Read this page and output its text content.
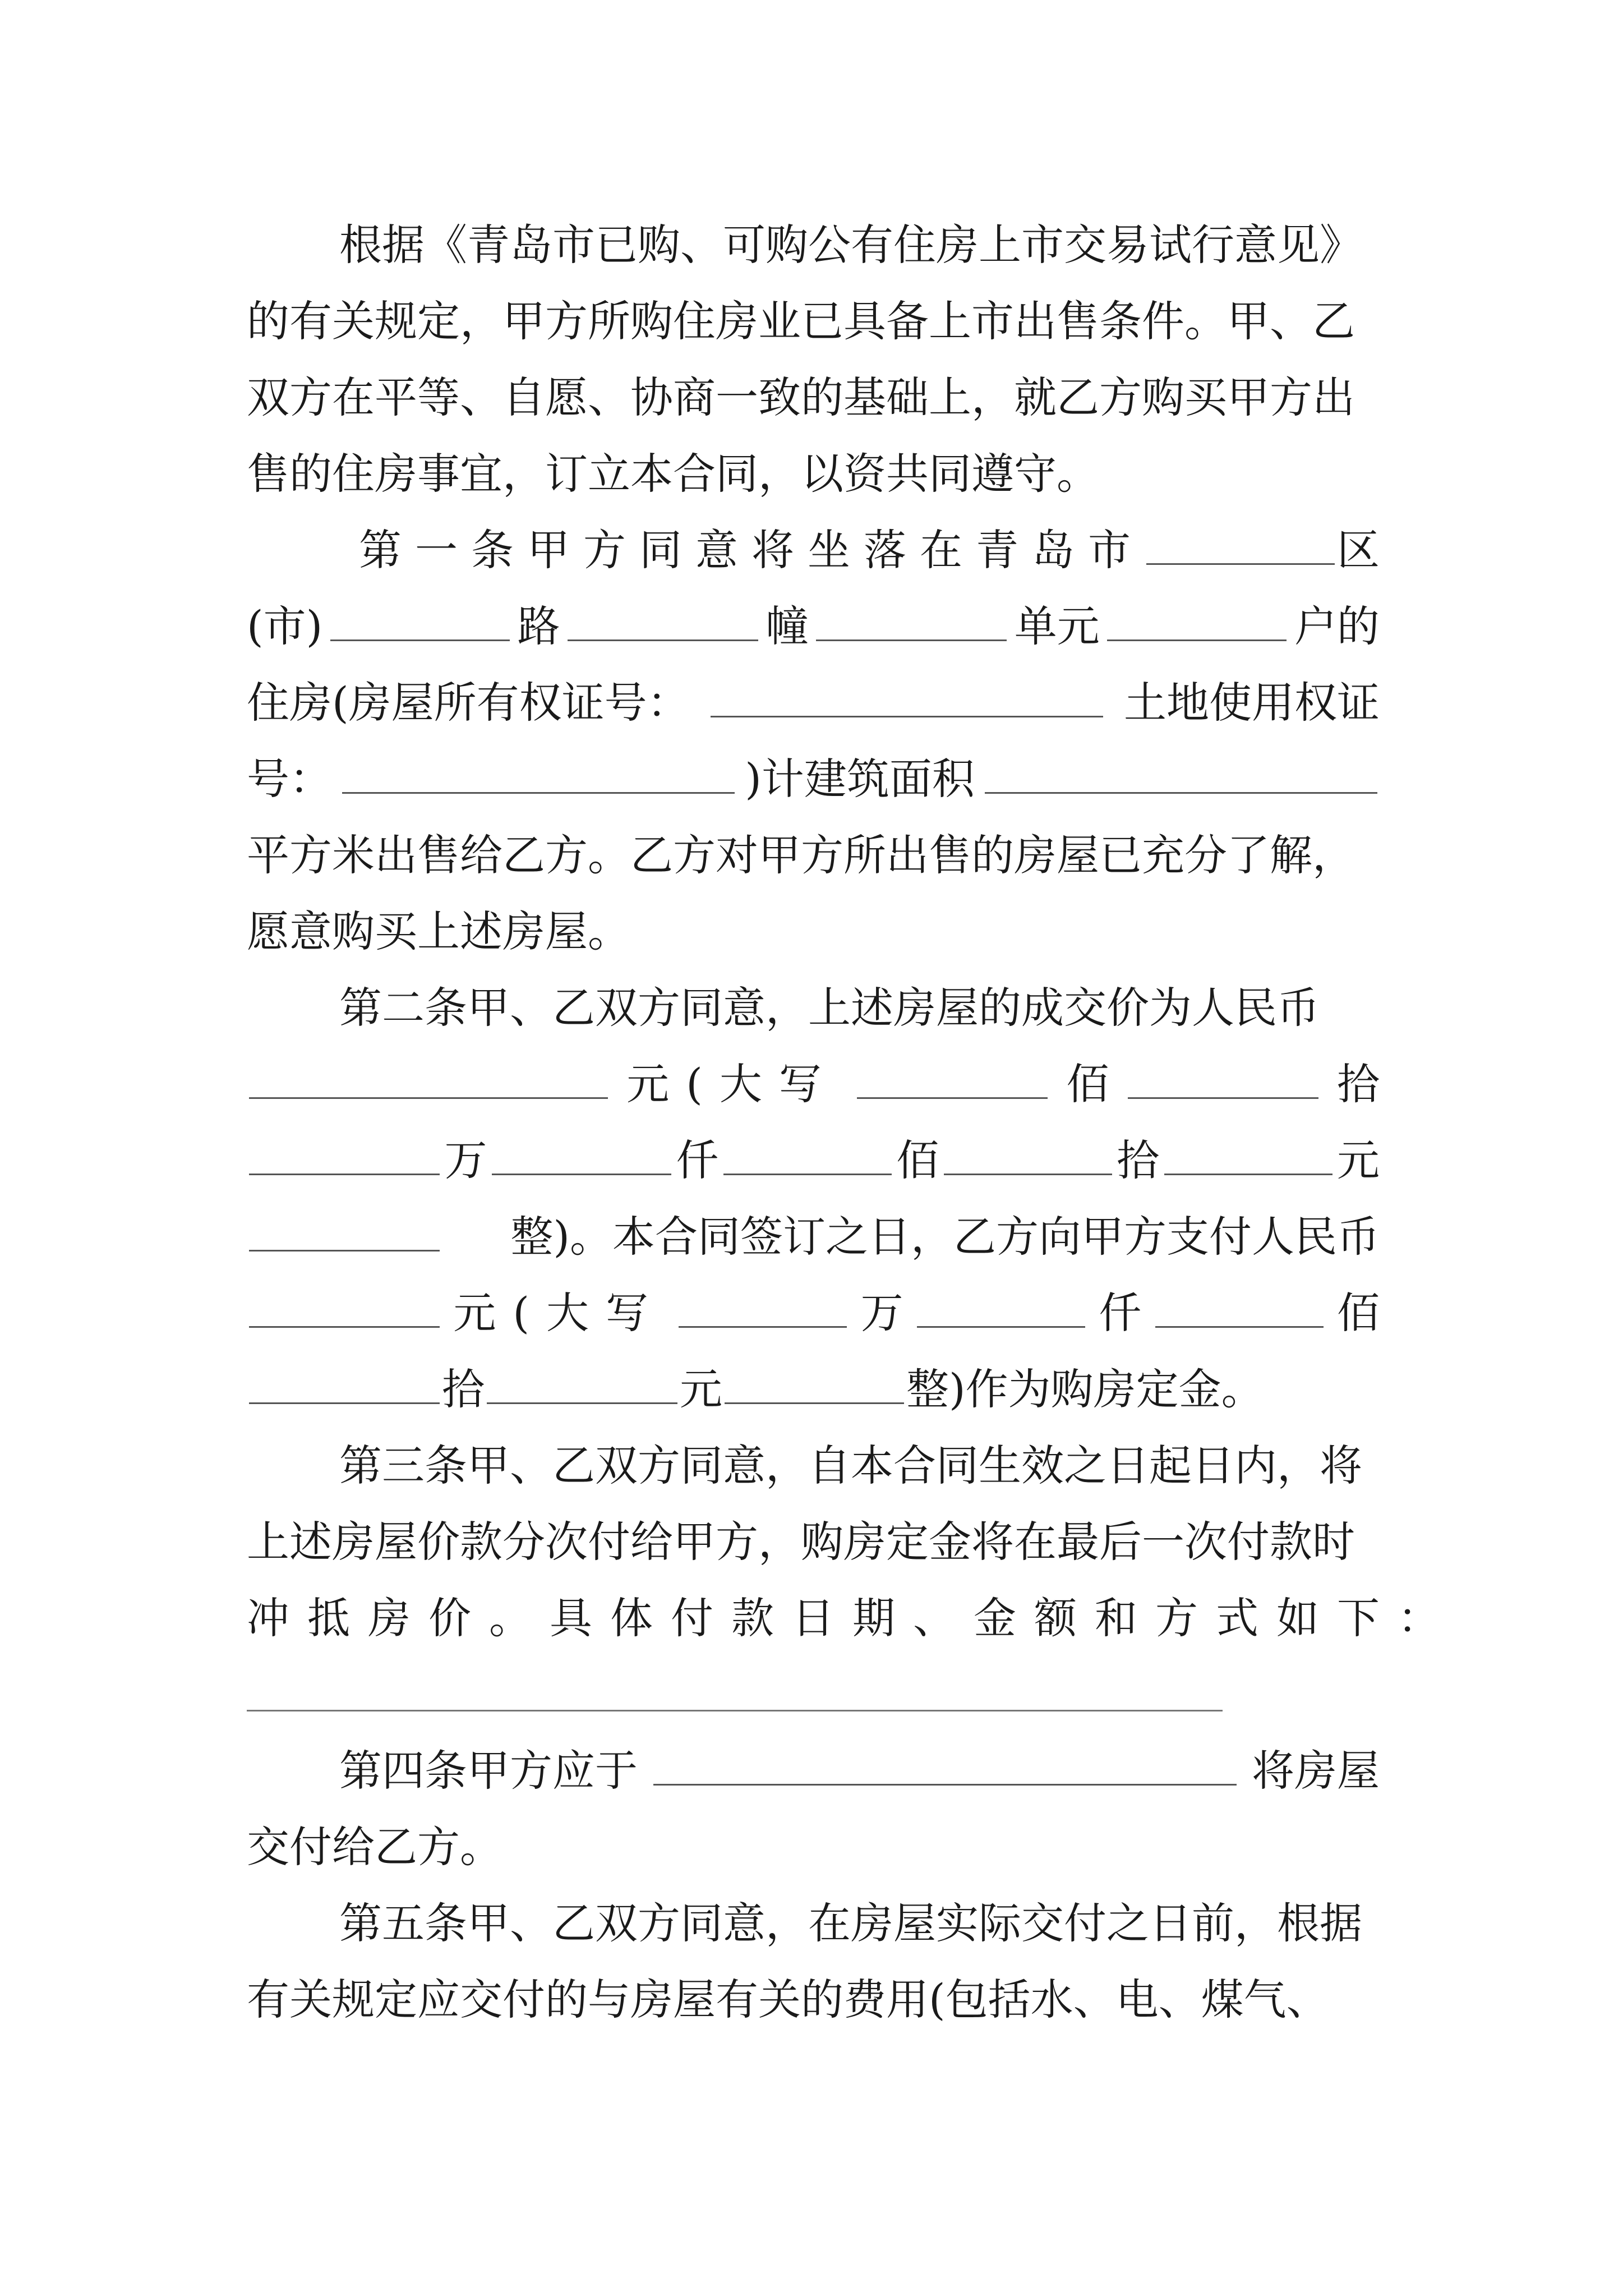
根据《青岛市已购、可购公有住房上市交易试行意见》
的有关规定，甲方所购住房业已具备上市出售条件。甲、乙
双方在平等、自愿、协商一致的基础上，就乙方购买甲方出
售的住房事宜，订立本合同，以资共同遵守。
第一条甲方同意将坐落在青岛市	区
(市)	路	幢	单元	户的
住房(房屋所有权证号：	土地使用权证
号：	)计建筑面积
平方米出售给乙方。乙方对甲方所出售的房屋已充分了解，
愿意购买上述房屋。
第二条甲、乙双方同意，上述房屋的成交价为人民币
元(大写	佰	拾
万	仟	佰	拾	元
整)。本合同签订之日，乙方向甲方支付人民币
元(大写	万	仟	佰
拾	元	整)作为购房定金。
第三条甲、乙双方同意，自本合同生效之日起日内，将
上述房屋价款分次付给甲方，购房定金将在最后一次付款时
冲抵房价。具体付款日期、金额和方式如下：
第四条甲方应于	将房屋
交付给乙方。
第五条甲、乙双方同意，在房屋实际交付之日前，根据
有关规定应交付的与房屋有关的费用(包括水、电、煤气、
